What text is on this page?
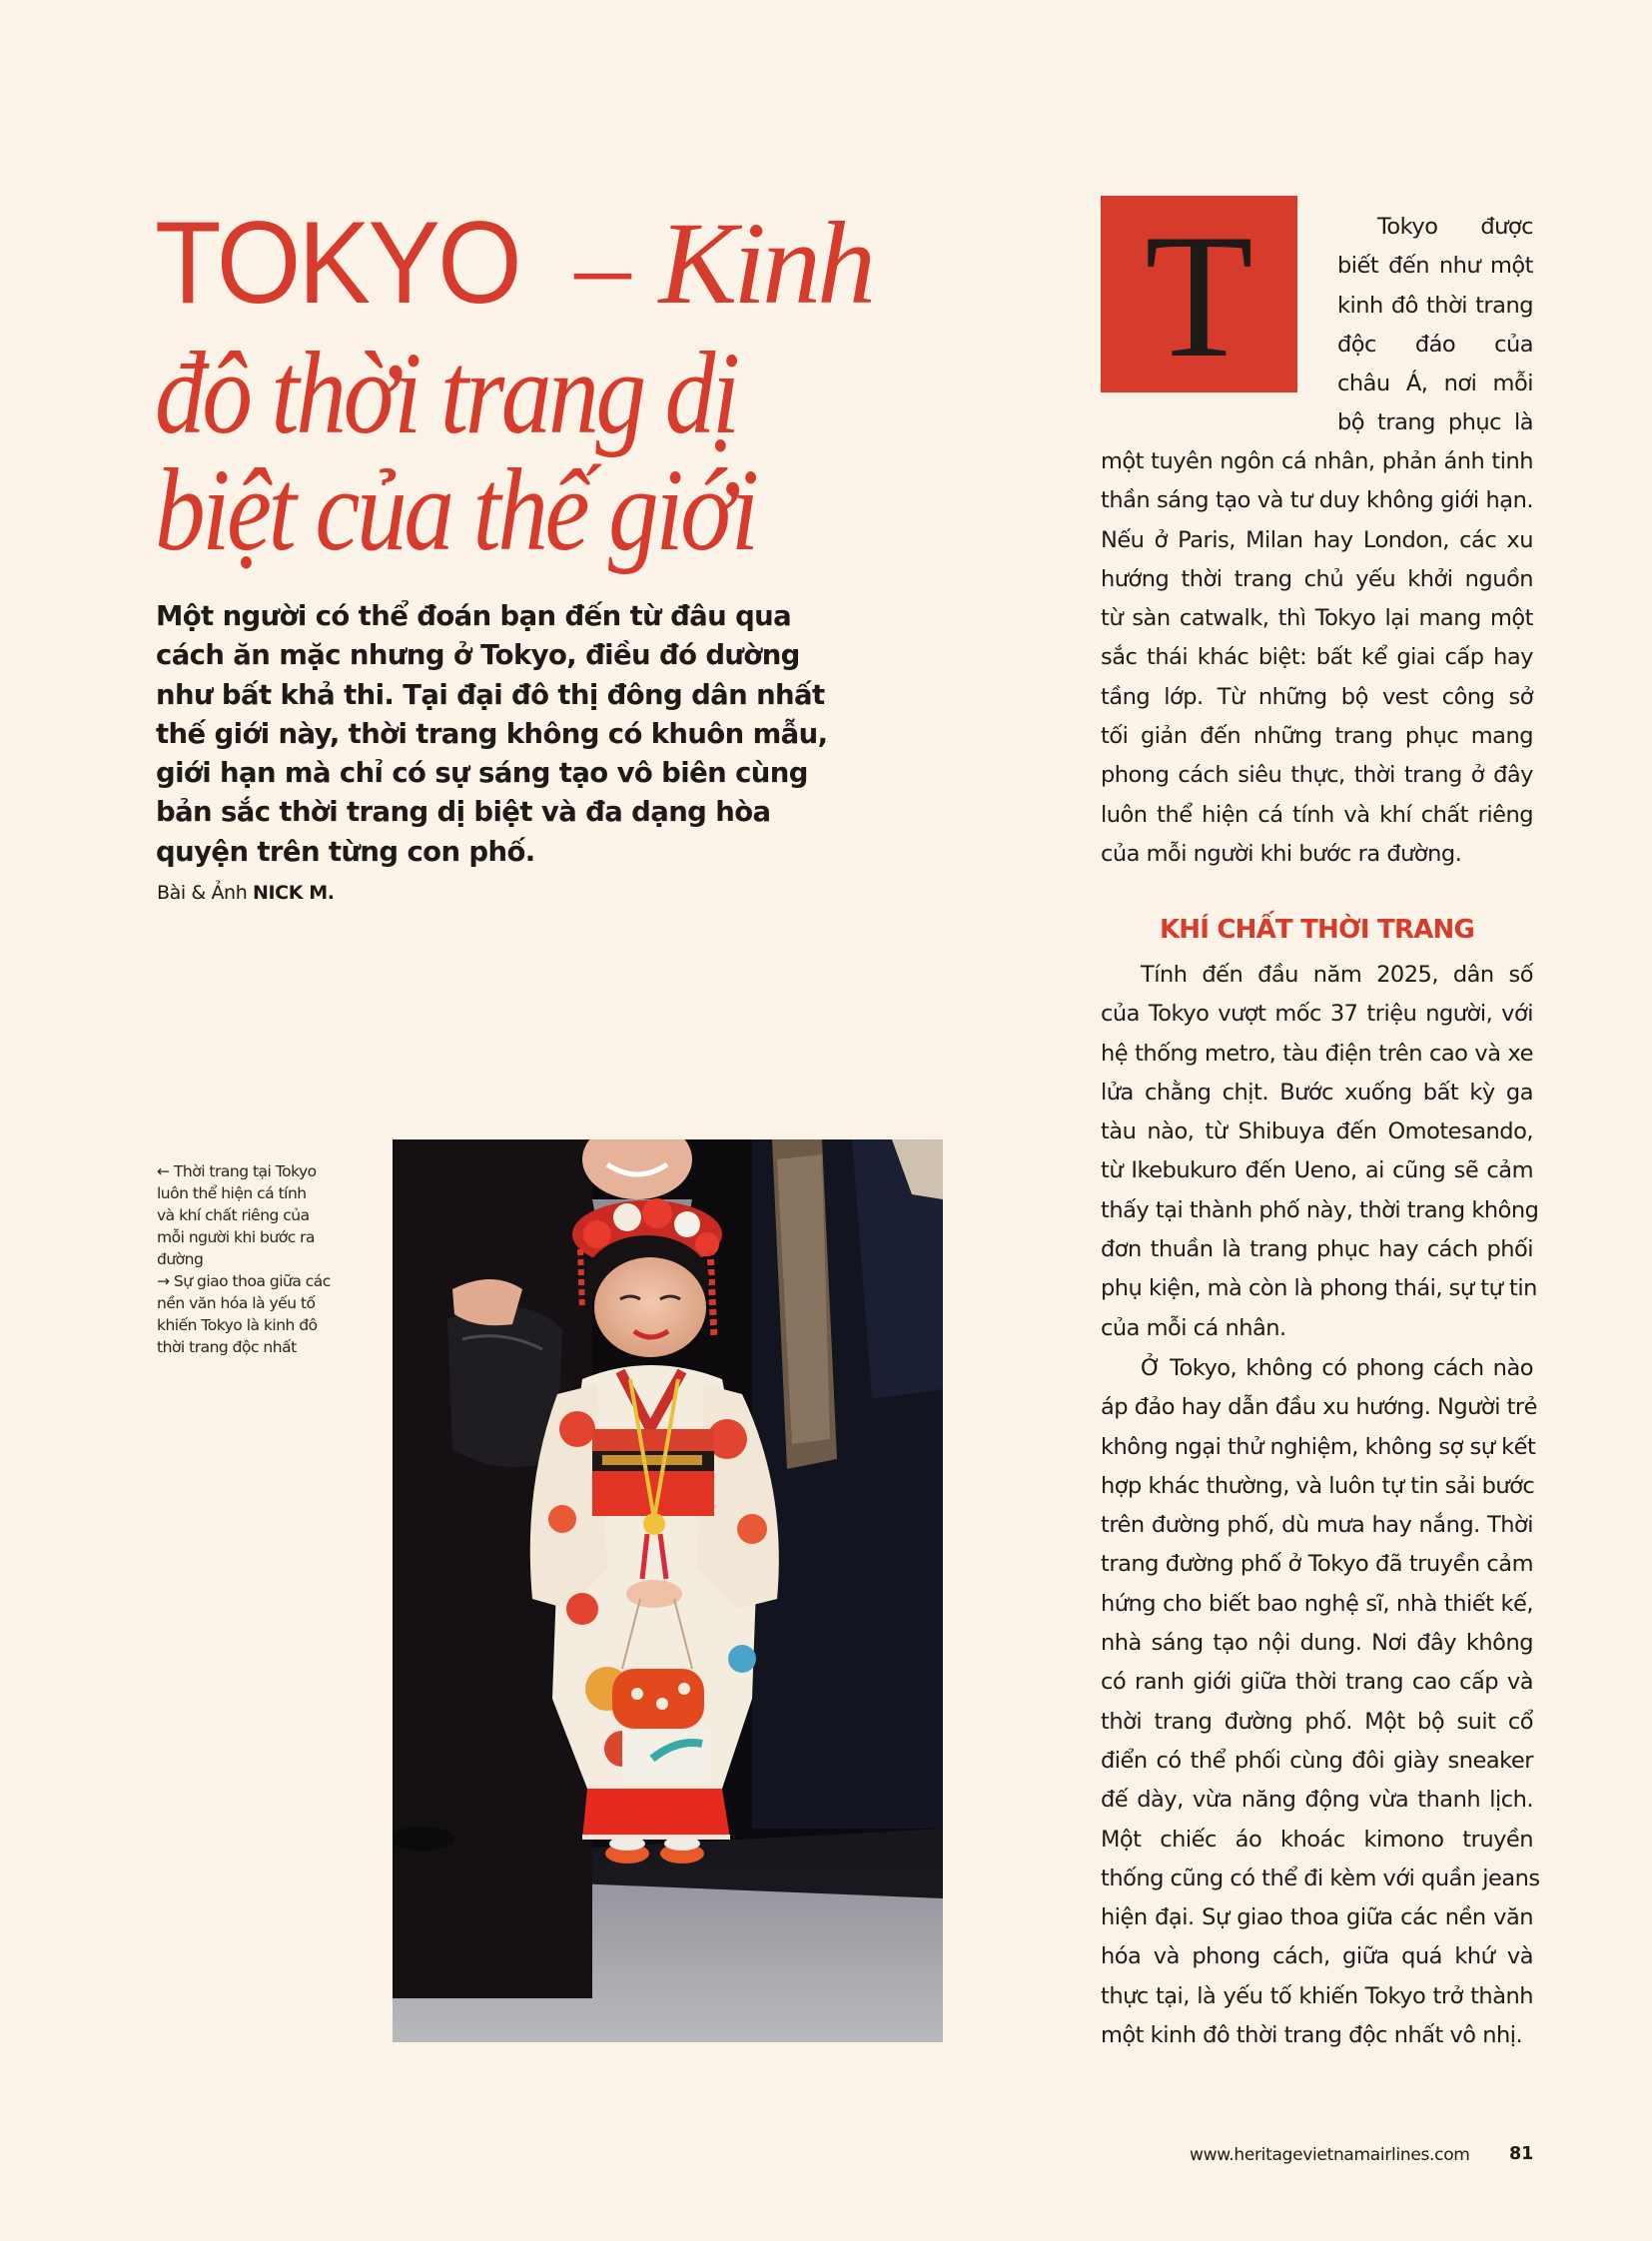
TOKYO – Kinh
đô thời trang dị
biệt của thế giới

Một người có thể đoán bạn đến từ đâu qua cách ăn mặc nhưng ở Tokyo, điều đó dường như bất khả thi. Tại đại đô thị đông dân nhất thế giới này, thời trang không có khuôn mẫu, giới hạn mà chỉ có sự sáng tạo vô biên cùng bản sắc thời trang dị biệt và đa dạng hòa quyện trên từng con phố.

Bài & Ảnh NICK M.

← Thời trang tại Tokyo
luôn thể hiện cá tính
và khí chất riêng của
mỗi người khi bước ra
đường
→ Sự giao thoa giữa các
nền văn hóa là yếu tố
khiến Tokyo là kinh đô
thời trang độc nhất

T	Tokyo được
biết đến như một
kinh đô thời trang
độc đáo của
châu Á, nơi mỗi
bộ trang phục là
một tuyên ngôn cá nhân, phản ánh tinh
thần sáng tạo và tư duy không giới hạn.
Nếu ở Paris, Milan hay London, các xu
hướng thời trang chủ yếu khởi nguồn
từ sàn catwalk, thì Tokyo lại mang một
sắc thái khác biệt: bất kể giai cấp hay
tầng lớp. Từ những bộ vest công sở
tối giản đến những trang phục mang
phong cách siêu thực, thời trang ở đây
luôn thể hiện cá tính và khí chất riêng
của mỗi người khi bước ra đường.
KHÍ CHẤT THỜI TRANG
Tính đến đầu năm 2025, dân số
của Tokyo vượt mốc 37 triệu người, với
hệ thống metro, tàu điện trên cao và xe
lửa chằng chịt. Bước xuống bất kỳ ga
tàu nào, từ Shibuya đến Omotesando,
từ Ikebukuro đến Ueno, ai cũng sẽ cảm
thấy tại thành phố này, thời trang không
đơn thuần là trang phục hay cách phối
phụ kiện, mà còn là phong thái, sự tự tin
của mỗi cá nhân.
Ở Tokyo, không có phong cách nào
áp đảo hay dẫn đầu xu hướng. Người trẻ
không ngại thử nghiệm, không sợ sự kết
hợp khác thường, và luôn tự tin sải bước
trên đường phố, dù mưa hay nắng. Thời
trang đường phố ở Tokyo đã truyền cảm
hứng cho biết bao nghệ sĩ, nhà thiết kế,
nhà sáng tạo nội dung. Nơi đây không
có ranh giới giữa thời trang cao cấp và
thời trang đường phố. Một bộ suit cổ
điển có thể phối cùng đôi giày sneaker
đế dày, vừa năng động vừa thanh lịch.
Một chiếc áo khoác kimono truyền
thống cũng có thể đi kèm với quần jeans
hiện đại. Sự giao thoa giữa các nền văn
hóa và phong cách, giữa quá khứ và
thực tại, là yếu tố khiến Tokyo trở thành
một kinh đô thời trang độc nhất vô nhị.

www.heritagevietnamairlines.com 81
